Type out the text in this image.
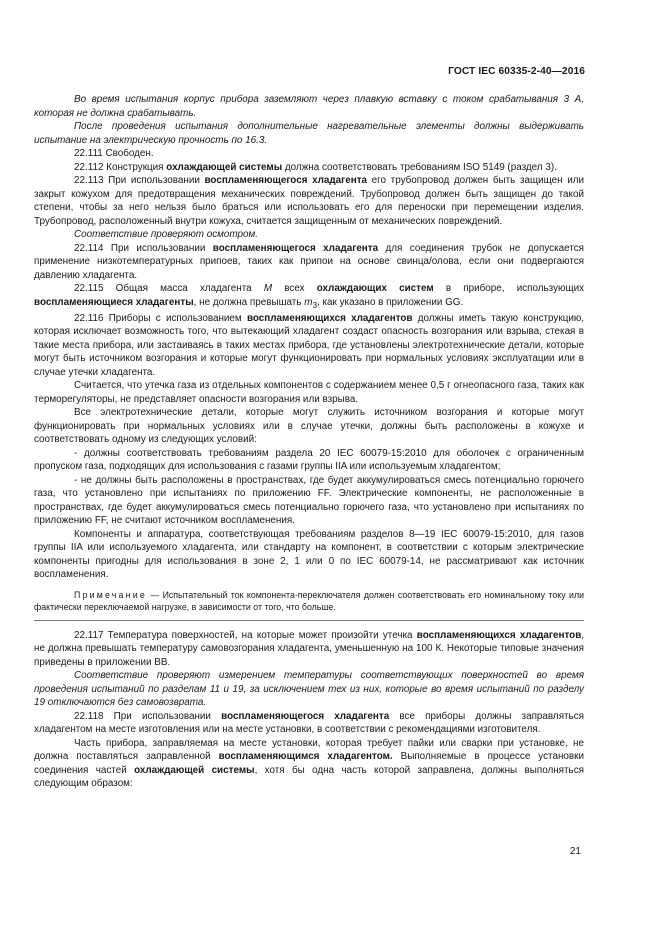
ГОСТ IEC 60335-2-40—2016

Во время испытания корпус прибора заземляют через плавкую вставку с током срабатывания 3 А, которая не должна срабатывать.

После проведения испытания дополнительные нагревательные элементы должны выдерживать испытание на электрическую прочность по 16.3.

22.111 Свободен.

22.112 Конструкция охлаждающей системы должна соответствовать требованиям ISO 5149 (раздел 3).

22.113 При использовании воспламеняющегося хладагента его трубопровод должен быть защищен или закрыт кожухом для предотвращения механических повреждений. Трубопровод должен быть защищен до такой степени, чтобы за него нельзя было браться или использовать его для переноски при перемещении изделия. Трубопровод, расположенный внутри кожуха, считается защищенным от механических повреждений.

Соответствие проверяют осмотром.

22.114 При использовании воспламеняющегося хладагента для соединения трубок не допускается применение низкотемпературных припоев, таких как припои на основе свинца/олова, если они подвергаются давлению хладагента.

22.115 Общая масса хладагента M всех охлаждающих систем в приборе, использующих воспламеняющиеся хладагенты, не должна превышать $m_3$, как указано в приложении GG.

22.116 Приборы с использованием воспламеняющихся хладагентов должны иметь такую конструкцию, которая исключает возможность того, что вытекающий хладагент создаст опасность возгорания или взрыва, стекая в такие места прибора, или застаиваясь в таких местах прибора, где установлены электротехнические детали, которые могут быть источником возгорания и которые могут функционировать при нормальных условиях эксплуатации или в случае утечки хладагента.

Считается, что утечка газа из отдельных компонентов с содержанием менее 0,5 г огнеопасного газа, таких как терморегуляторы, не представляет опасности возгорания или взрыва.

Все электротехнические детали, которые могут служить источником возгорания и которые могут функционировать при нормальных условиях или в случае утечки, должны быть расположены в кожухе и соответствовать одному из следующих условий:

- должны соответствовать требованиям раздела 20 IEC 60079-15:2010 для оболочек с ограниченным пропуском газа, подходящих для использования с газами группы IIA или используемым хладагентом;

- не должны быть расположены в пространствах, где будет аккумулироваться смесь потенциально горючего газа, что установлено при испытаниях по приложению FF. Электрические компоненты, не расположенные в пространствах, где будет аккумулироваться смесь потенциально горючего газа, что установлено при испытаниях по приложению FF, не считают источником воспламенения.

Компоненты и аппаратура, соответствующая требованиям разделов 8—19 IEC 60079-15:2010, для газов группы IIA или используемого хладагента, или стандарту на компонент, в соответствии с которым электрические компоненты пригодны для использования в зоне 2, 1 или 0 по IEC 60079-14, не рассматривают как источник воспламенения.

Примечание — Испытательный ток компонента-переключателя должен соответствовать его номинальному току или фактически переключаемой нагрузке, в зависимости от того, что больше.

22.117 Температура поверхностей, на которые может произойти утечка воспламеняющихся хладагентов, не должна превышать температуру самовозгорания хладагента, уменьшенную на 100 К. Некоторые типовые значения приведены в приложении BB.

Соответствие проверяют измерением температуры соответствующих поверхностей во время проведения испытаний по разделам 11 и 19, за исключением тех из них, которые во время испытаний по разделу 19 отключаются без самовозврата.

22.118 При использовании воспламеняющегося хладагента все приборы должны заправляться хладагентом на месте изготовления или на месте установки, в соответствии с рекомендациями изготовителя.

Часть прибора, заправляемая на месте установки, которая требует пайки или сварки при установке, не должна поставляться заправленной воспламеняющимся хладагентом. Выполняемые в процессе установки соединения частей охлаждающей системы, хотя бы одна часть которой заправлена, должны выполняться следующим образом:

21
